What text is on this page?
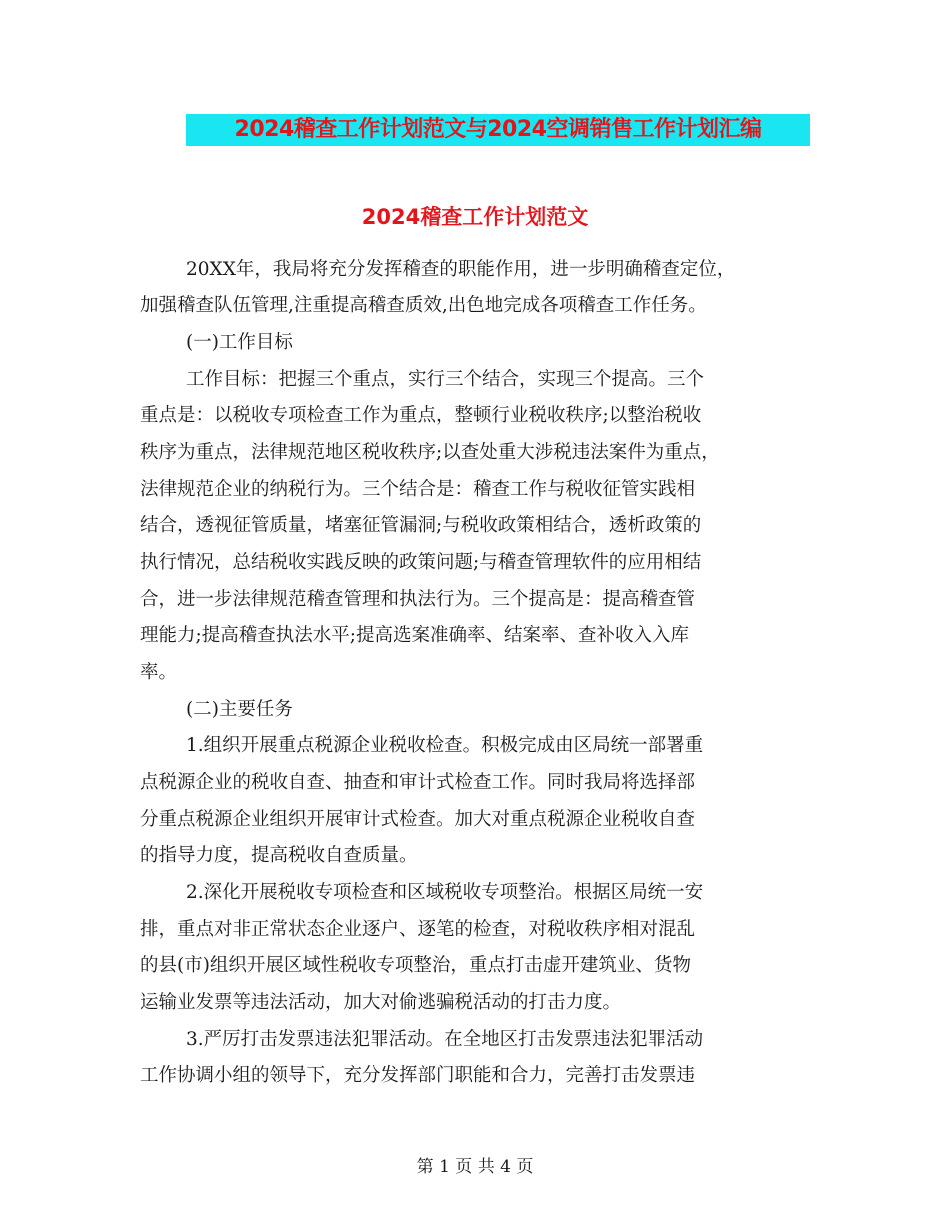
2024稽查工作计划范文与2024空调销售工作计划汇编
2024稽查工作计划范文
20XX年，我局将充分发挥稽查的职能作用，进一步明确稽查定位，
加强稽查队伍管理,注重提高稽查质效,出色地完成各项稽查工作任务。
(一)工作目标
工作目标：把握三个重点，实行三个结合，实现三个提高。三个
重点是：以税收专项检查工作为重点，整顿行业税收秩序;以整治税收
秩序为重点，法律规范地区税收秩序;以查处重大涉税违法案件为重点，
法律规范企业的纳税行为。三个结合是：稽查工作与税收征管实践相
结合，透视征管质量，堵塞征管漏洞;与税收政策相结合，透析政策的
执行情况，总结税收实践反映的政策问题;与稽查管理软件的应用相结
合，进一步法律规范稽查管理和执法行为。三个提高是：提高稽查管
理能力;提高稽查执法水平;提高选案准确率、结案率、查补收入入库
率。
(二)主要任务
1.组织开展重点税源企业税收检查。积极完成由区局统一部署重
点税源企业的税收自查、抽查和审计式检查工作。同时我局将选择部
分重点税源企业组织开展审计式检查。加大对重点税源企业税收自查
的指导力度，提高税收自查质量。
2.深化开展税收专项检查和区域税收专项整治。根据区局统一安
排，重点对非正常状态企业逐户、逐笔的检查，对税收秩序相对混乱
的县(市)组织开展区域性税收专项整治，重点打击虚开建筑业、货物
运输业发票等违法活动，加大对偷逃骗税活动的打击力度。
3.严厉打击发票违法犯罪活动。在全地区打击发票违法犯罪活动
工作协调小组的领导下，充分发挥部门职能和合力，完善打击发票违
第 1 页 共 4 页
